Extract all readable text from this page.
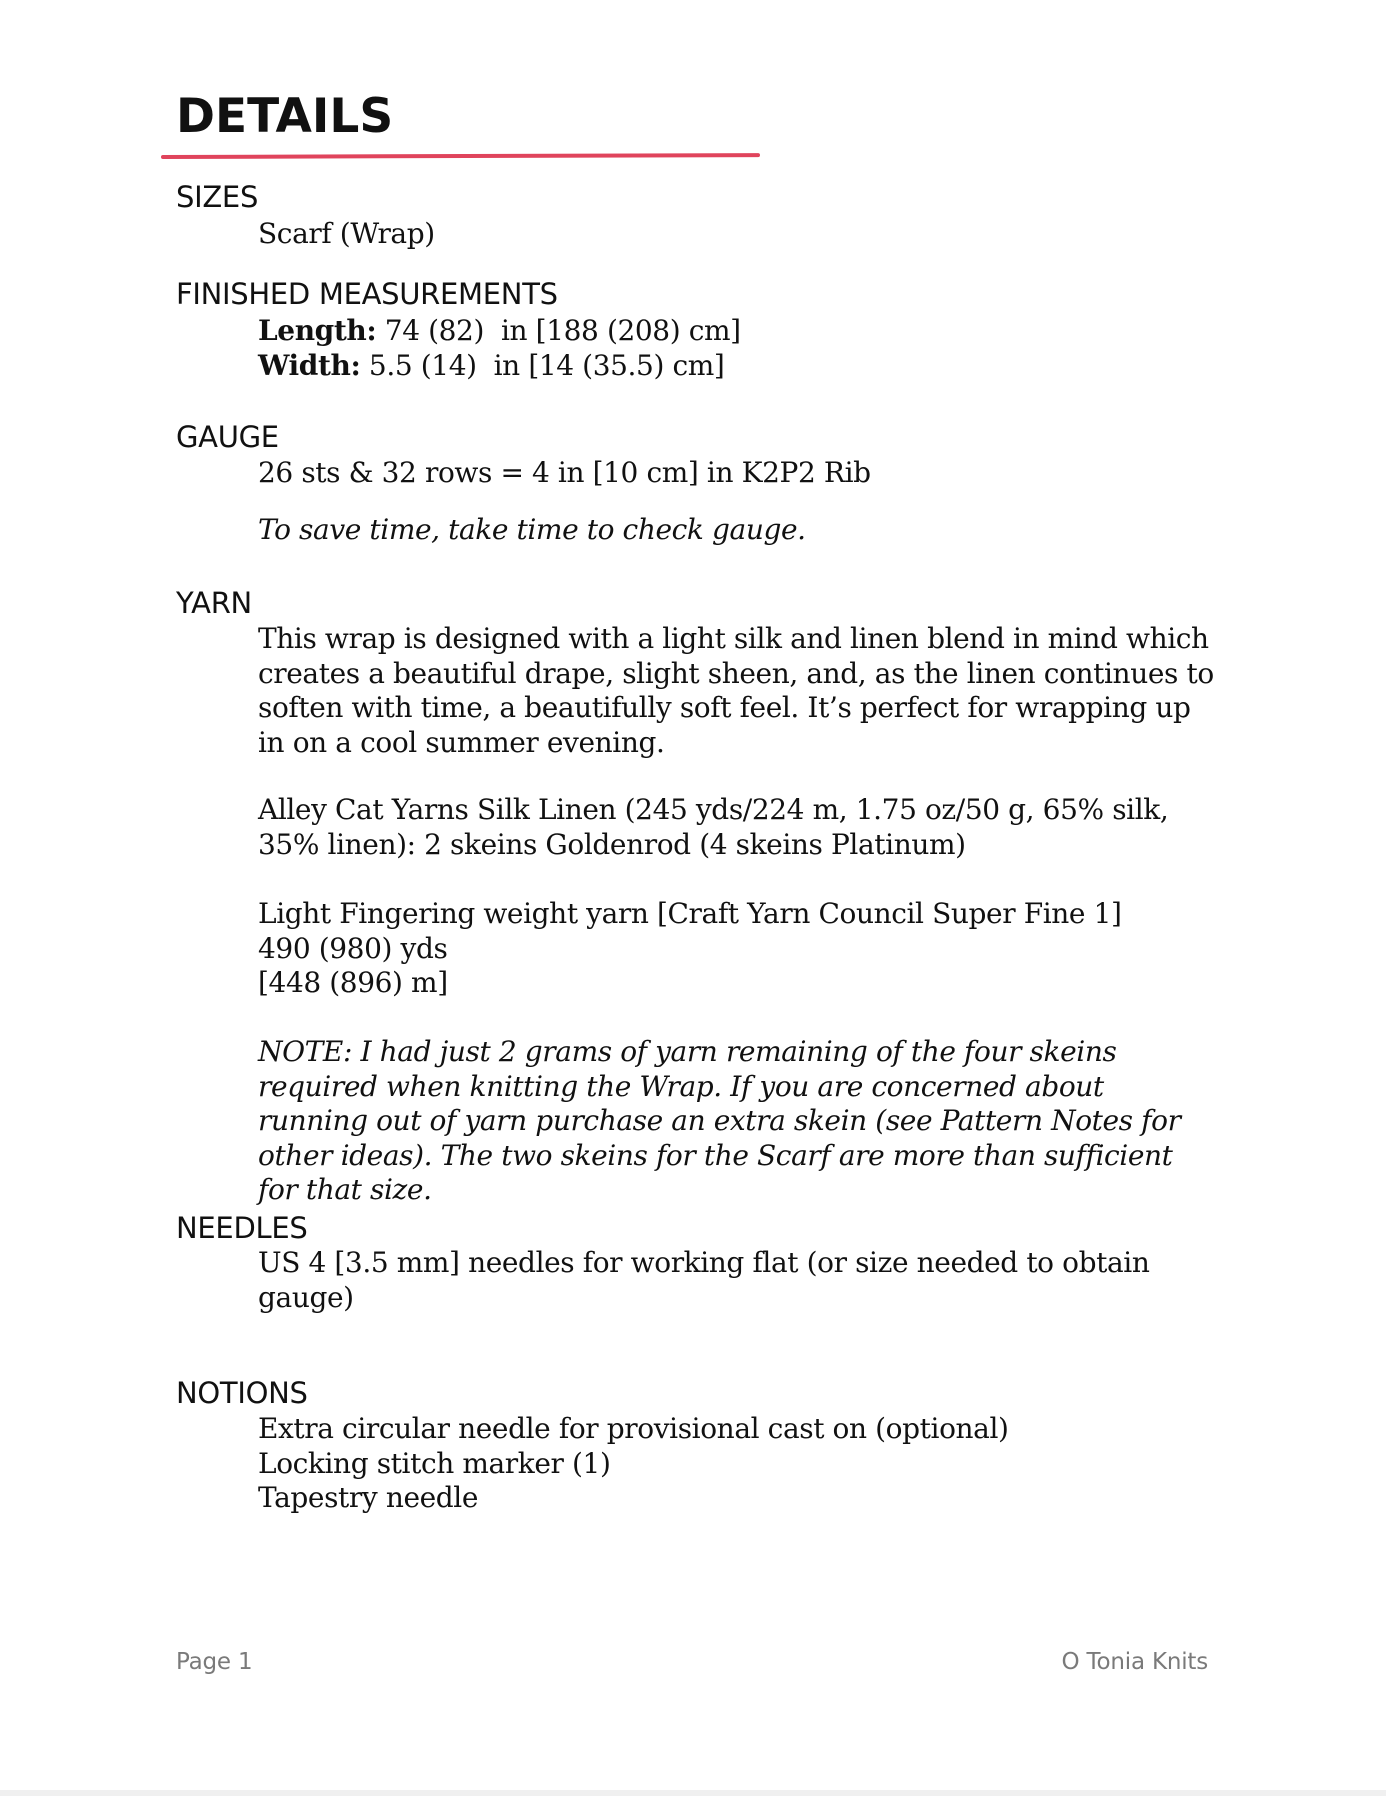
DETAILS
SIZES

Scarf (Wrap)

FINISHED MEASUREMENTS

Length: 74 (82)  in [188 (208) cm]

Width: 5.5 (14)  in [14 (35.5) cm]

GAUGE

26 sts & 32 rows = 4 in [10 cm] in K2P2 Rib

To save time, take time to check gauge.

YARN

This wrap is designed with a light silk and linen blend in mind which creates a beautiful drape, slight sheen, and, as the linen continues to soften with time, a beautifully soft feel. It’s perfect for wrapping up in on a cool summer evening.

Alley Cat Yarns Silk Linen (245 yds/224 m, 1.75 oz/50 g, 65% silk, 35% linen): 2 skeins Goldenrod (4 skeins Platinum)

Light Fingering weight yarn [Craft Yarn Council Super Fine 1]

490 (980) yds

[448 (896) m]

NOTE: I had just 2 grams of yarn remaining of the four skeins required when knitting the Wrap. If you are concerned about running out of yarn purchase an extra skein (see Pattern Notes for other ideas). The two skeins for the Scarf are more than sufficient for that size.

NEEDLES

US 4 [3.5 mm] needles for working flat (or size needed to obtain gauge)

NOTIONS

Extra circular needle for provisional cast on (optional)

Locking stitch marker (1)

Tapestry needle

Page 1	O Tonia Knits
